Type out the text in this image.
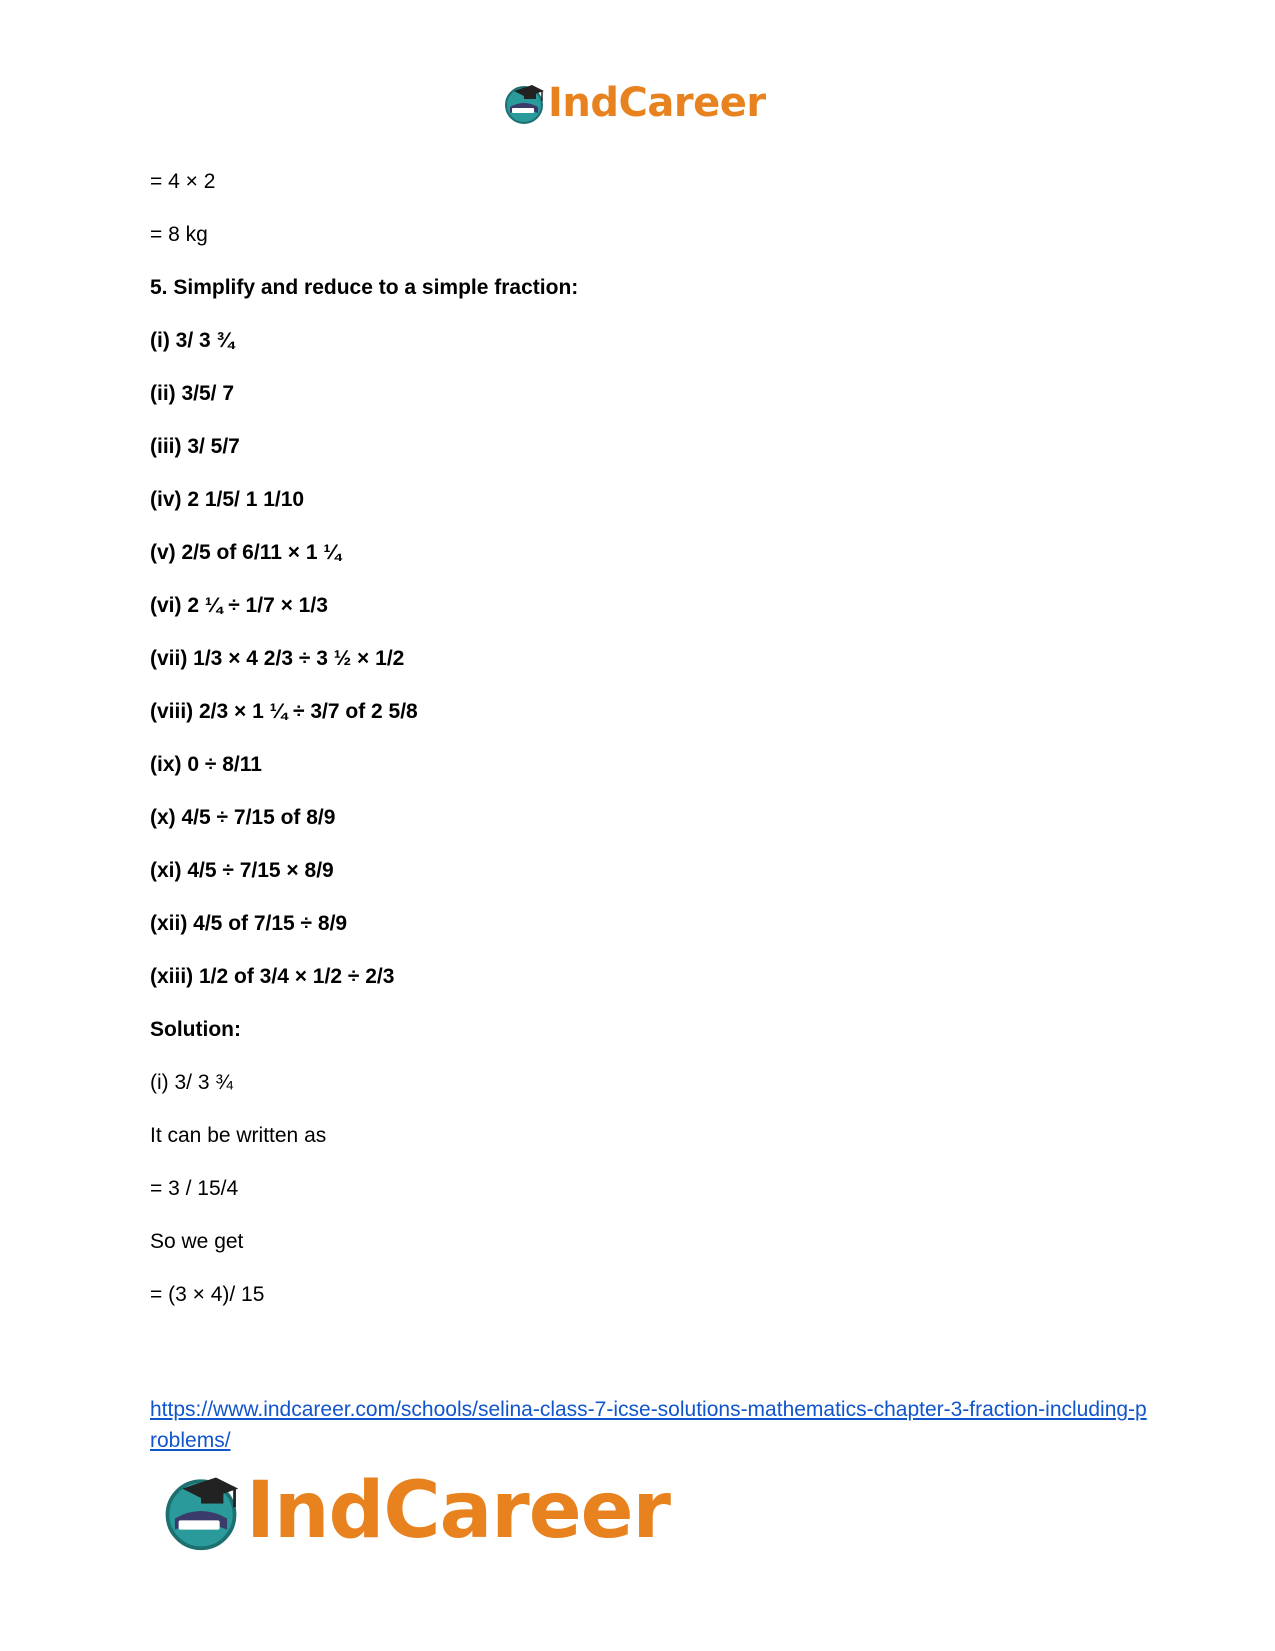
IndCareer
= 4 × 2
= 8 kg
5. Simplify and reduce to a simple fraction:
(i) 3/ 3 ¾
(ii) 3/5/ 7
(iii) 3/ 5/7
(iv) 2 1/5/ 1 1/10
(v) 2/5 of 6/11 × 1 ¼
(vi) 2 ¼ ÷ 1/7 × 1/3
(vii) 1/3 × 4 2/3 ÷ 3 ½ × 1/2
(viii) 2/3 × 1 ¼ ÷ 3/7 of 2 5/8
(ix) 0 ÷ 8/11
(x) 4/5 ÷ 7/15 of 8/9
(xi) 4/5 ÷ 7/15 × 8/9
(xii) 4/5 of 7/15 ÷ 8/9
(xiii) 1/2 of 3/4 × 1/2 ÷ 2/3
Solution:
(i) 3/ 3 ¾
It can be written as
= 3 / 15/4
So we get
= (3 × 4)/ 15
https://www.indcareer.com/schools/selina-class-7-icse-solutions-mathematics-chapter-3-fraction-including-problems/
IndCareer
